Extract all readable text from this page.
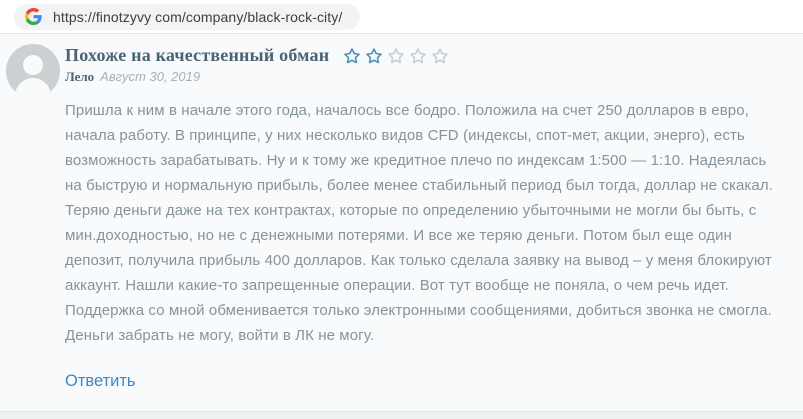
https://finotzyvy com/company/black-rock-city/
Похоже на качественный обман
Лело Август 30, 2019

Пришла к ним в начале этого года, началось все бодро. Положила на счет 250 долларов в евро, начала работу. В принципе, у них несколько видов CFD (индексы, спот-мет, акции, энерго), есть возможность зарабатывать. Ну и к тому же кредитное плечо по индексам 1:500 — 1:10. Надеялась на быструю и нормальную прибыль, более менее стабильный период был тогда, доллар не скакал. Теряю деньги даже на тех контрактах, которые по определению убыточными не могли бы быть, с мин.доходностью, но не с денежными потерями. И все же теряю деньги. Потом был еще один депозит, получила прибыль 400 долларов. Как только сделала заявку на вывод – у меня блокируют аккаунт. Нашли какие-то запрещенные операции. Вот тут вообще не поняла, о чем речь идет. Поддержка со мной обменивается только электронными сообщениями, добиться звонка не смогла. Деньги забрать не могу, войти в ЛК не могу.

Ответить
